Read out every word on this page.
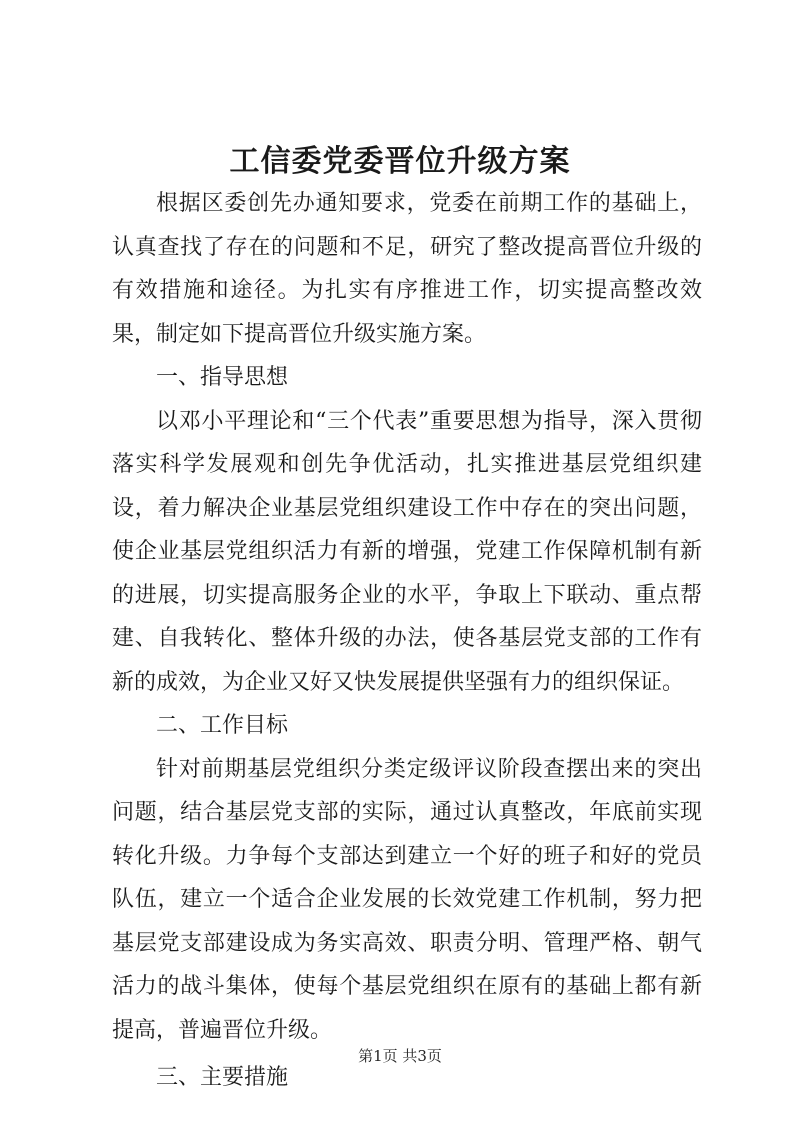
工信委党委晋位升级方案

根据区委创先办通知要求，党委在前期工作的基础上，认真查找了存在的问题和不足，研究了整改提高晋位升级的有效措施和途径。为扎实有序推进工作，切实提高整改效果，制定如下提高晋位升级实施方案。

一、指导思想

以邓小平理论和“三个代表”重要思想为指导，深入贯彻落实科学发展观和创先争优活动，扎实推进基层党组织建设，着力解决企业基层党组织建设工作中存在的突出问题，使企业基层党组织活力有新的增强，党建工作保障机制有新的进展，切实提高服务企业的水平，争取上下联动、重点帮建、自我转化、整体升级的办法，使各基层党支部的工作有新的成效，为企业又好又快发展提供坚强有力的组织保证。

二、工作目标

针对前期基层党组织分类定级评议阶段查摆出来的突出问题，结合基层党支部的实际，通过认真整改，年底前实现转化升级。力争每个支部达到建立一个好的班子和好的党员队伍，建立一个适合企业发展的长效党建工作机制，努力把基层党支部建设成为务实高效、职责分明、管理严格、朝气活力的战斗集体，使每个基层党组织在原有的基础上都有新提高，普遍晋位升级。

三、主要措施

第1页 共3页
